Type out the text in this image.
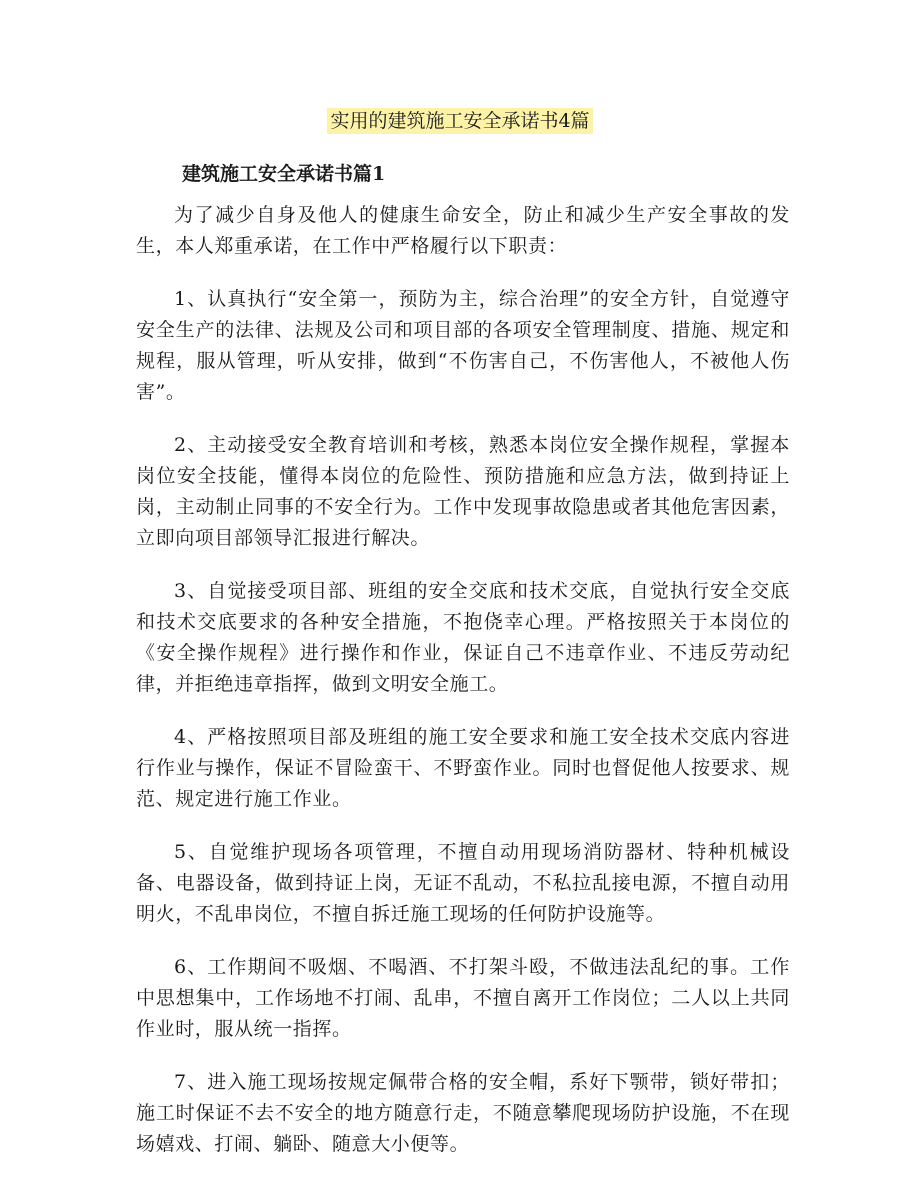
实用的建筑施工安全承诺书4篇
建筑施工安全承诺书篇1

为了减少自身及他人的健康生命安全，防止和减少生产安全事故的发生，本人郑重承诺，在工作中严格履行以下职责：

1、认真执行“安全第一，预防为主，综合治理”的安全方针，自觉遵守安全生产的法律、法规及公司和项目部的各项安全管理制度、措施、规定和规程，服从管理，听从安排，做到“不伤害自己，不伤害他人，不被他人伤害”。

2、主动接受安全教育培训和考核，熟悉本岗位安全操作规程，掌握本岗位安全技能，懂得本岗位的危险性、预防措施和应急方法，做到持证上岗，主动制止同事的不安全行为。工作中发现事故隐患或者其他危害因素，立即向项目部领导汇报进行解决。

3、自觉接受项目部、班组的安全交底和技术交底，自觉执行安全交底和技术交底要求的各种安全措施，不抱侥幸心理。严格按照关于本岗位的《安全操作规程》进行操作和作业，保证自己不违章作业、不违反劳动纪律，并拒绝违章指挥，做到文明安全施工。

4、严格按照项目部及班组的施工安全要求和施工安全技术交底内容进行作业与操作，保证不冒险蛮干、不野蛮作业。同时也督促他人按要求、规范、规定进行施工作业。

5、自觉维护现场各项管理，不擅自动用现场消防器材、特种机械设备、电器设备，做到持证上岗，无证不乱动，不私拉乱接电源，不擅自动用明火，不乱串岗位，不擅自拆迁施工现场的任何防护设施等。

6、工作期间不吸烟、不喝酒、不打架斗殴，不做违法乱纪的事。工作中思想集中，工作场地不打闹、乱串，不擅自离开工作岗位；二人以上共同作业时，服从统一指挥。

7、进入施工现场按规定佩带合格的安全帽，系好下颚带，锁好带扣；施工时保证不去不安全的地方随意行走，不随意攀爬现场防护设施，不在现场嬉戏、打闹、躺卧、随意大小便等。
